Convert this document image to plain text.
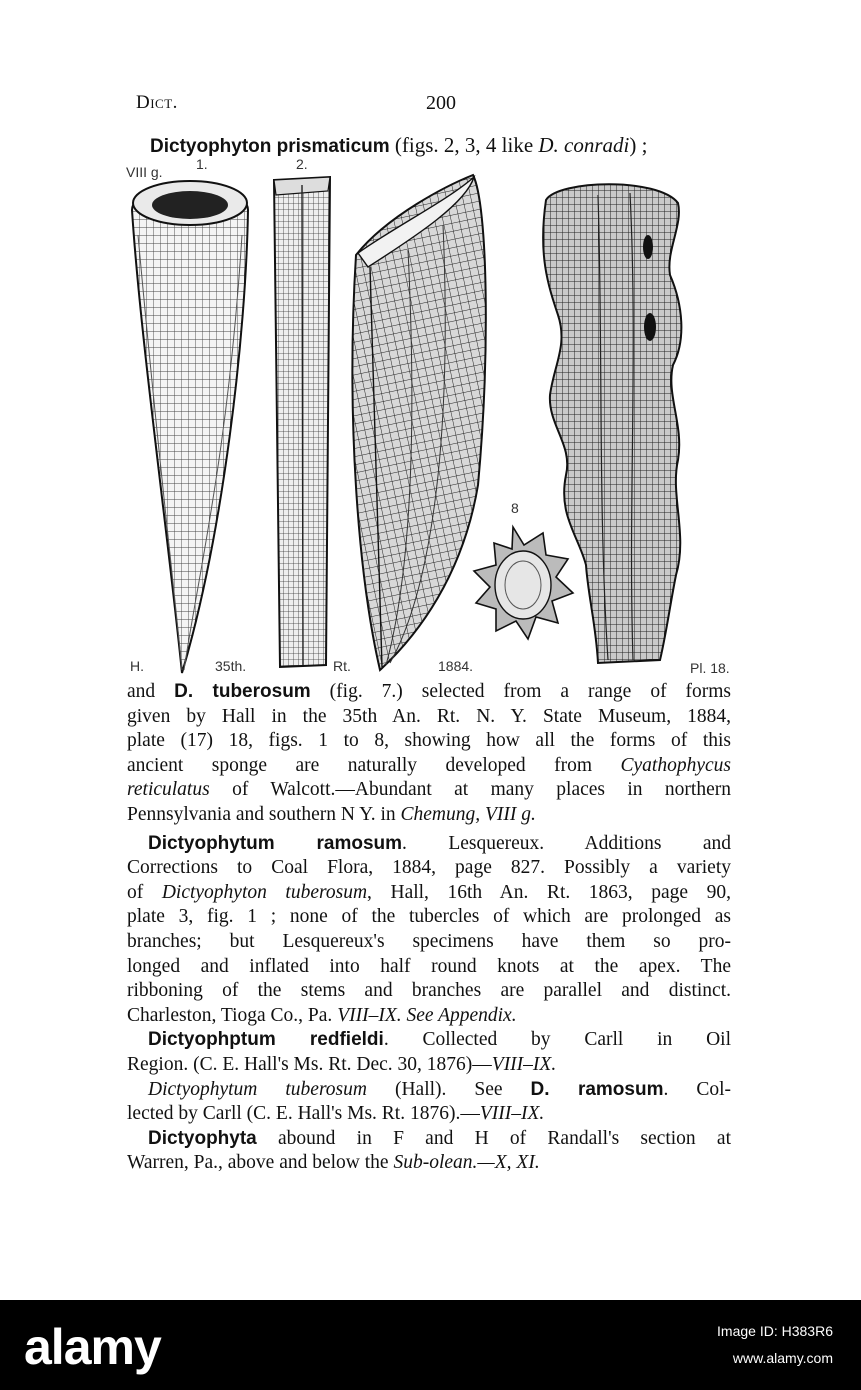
Dict.	200
Dictyophyton prismaticum (figs. 2, 3, 4 like D. conradi) ;
VIII g. 1.	2.
8
H.	35th.	Rt.	1884.	Pl. 18.
and D. tuberosum (fig. 7.) selected from a range of forms
given by Hall in the 35th An. Rt. N. Y. State Museum, 1884,
plate (17) 18, figs. 1 to 8, showing how all the forms of this
ancient sponge are naturally developed from Cyathophycus
reticulatus of Walcott.—Abundant at many places in northern
Pennsylvania and southern N Y. in Chemung, VIII g.
Dictyophytum ramosum. Lesquereux. Additions and
Corrections to Coal Flora, 1884, page 827. Possibly a variety
of Dictyophyton tuberosum, Hall, 16th An. Rt. 1863, page 90,
plate 3, fig. 1 ; none of the tubercles of which are prolonged as
branches; but Lesquereux's specimens have them so pro-
longed and inflated into half round knots at the apex. The
ribboning of the stems and branches are parallel and distinct.
Charleston, Tioga Co., Pa. VIII–IX. See Appendix.
Dictyophptum redfieldi. Collected by Carll in Oil
Region. (C. E. Hall's Ms. Rt. Dec. 30, 1876)—VIII–IX.
Dictyophytum tuberosum (Hall). See D. ramosum. Col-
lected by Carll (C. E. Hall's Ms. Rt. 1876).—VIII–IX.
Dictyophyta abound in F and H of Randall's section at
Warren, Pa., above and below the Sub-olean.—X, XI.
alamy	Image ID: H383R6
www.alamy.com
